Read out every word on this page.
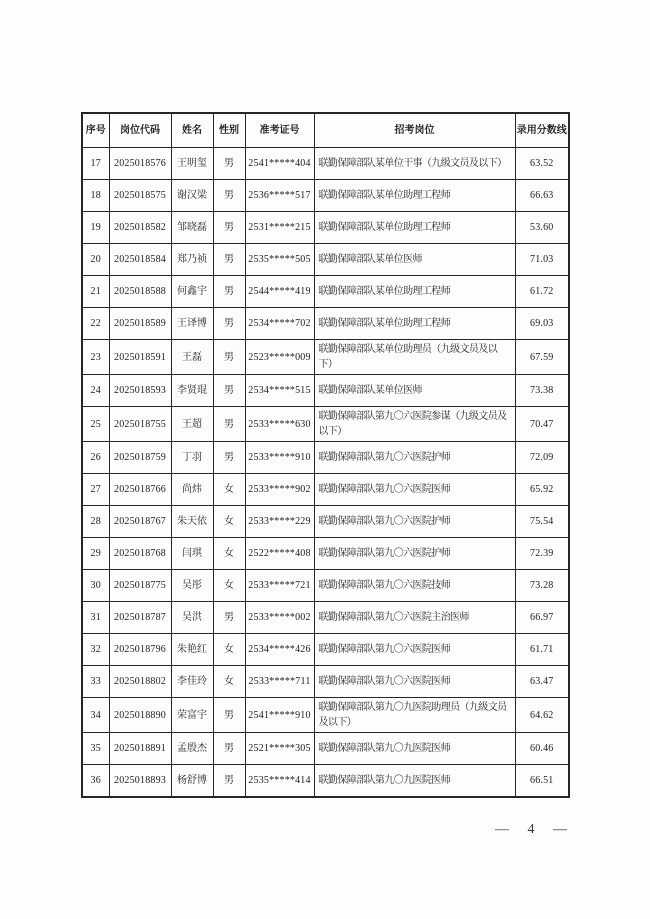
序号	岗位代码	姓名	性别	准考证号	招考岗位	录用分数线
17	2025018576	王明玺	男	2541*****404	联勤保障部队某单位干事（九级文员及以下）	63.52
18	2025018575	谢汉梁	男	2536*****517	联勤保障部队某单位助理工程师	66.63
19	2025018582	邹晓磊	男	2531*****215	联勤保障部队某单位助理工程师	53.60
20	2025018584	郑乃祯	男	2535*****505	联勤保障部队某单位医师	71.03
21	2025018588	何鑫宇	男	2544*****419	联勤保障部队某单位助理工程师	61.72
22	2025018589	王译博	男	2534*****702	联勤保障部队某单位助理工程师	69.03
23	2025018591	王磊	男	2523*****009	联勤保障部队某单位助理员（九级文员及以下）	67.59
24	2025018593	李贤琨	男	2534*****515	联勤保障部队某单位医师	73.38
25	2025018755	王超	男	2533*****630	联勤保障部队第九〇六医院参谋（九级文员及以下）	70.47
26	2025018759	丁羽	男	2533*****910	联勤保障部队第九〇六医院护师	72.09
27	2025018766	尚炜	女	2533*****902	联勤保障部队第九〇六医院医师	65.92
28	2025018767	朱天依	女	2533*****229	联勤保障部队第九〇六医院护师	75.54
29	2025018768	闫琪	女	2522*****408	联勤保障部队第九〇六医院护师	72.39
30	2025018775	吴彤	女	2533*****721	联勤保障部队第九〇六医院技师	73.28
31	2025018787	吴洪	男	2533*****002	联勤保障部队第九〇六医院主治医师	66.97
32	2025018796	朱艳红	女	2534*****426	联勤保障部队第九〇六医院医师	61.71
33	2025018802	李佳玲	女	2533*****711	联勤保障部队第九〇六医院医师	63.47
34	2025018890	荣富宇	男	2541*****910	联勤保障部队第九〇九医院助理员（九级文员及以下）	64.62
35	2025018891	孟殷杰	男	2521*****305	联勤保障部队第九〇九医院医师	60.46
36	2025018893	杨舒博	男	2535*****414	联勤保障部队第九〇九医院医师	66.51
— 4 —
